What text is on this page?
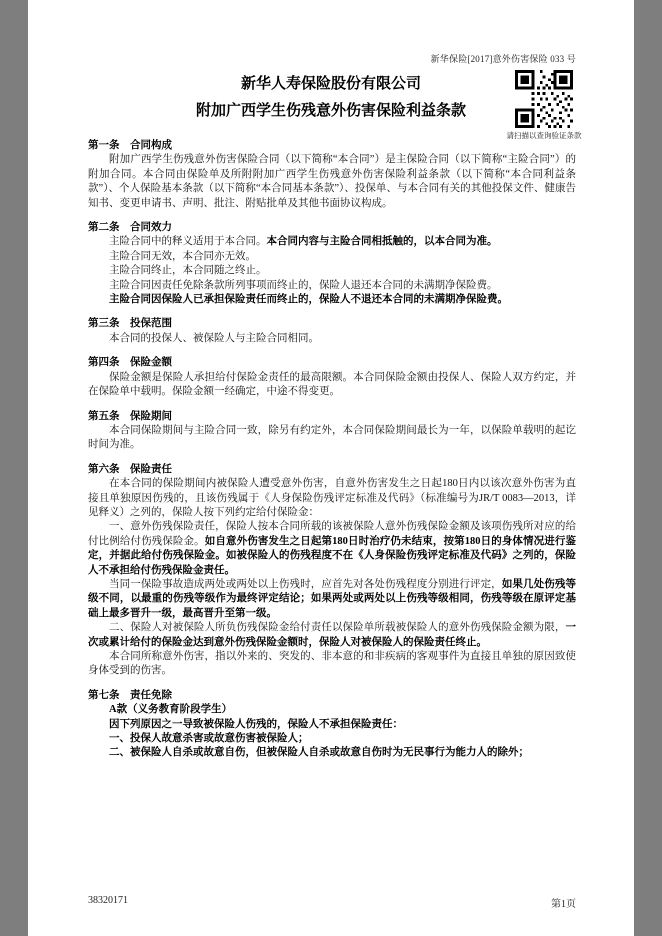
新华保险[2017]意外伤害保险 033 号
请扫描以查询验证条款
新华人寿保险股份有限公司
附加广西学生伤残意外伤害保险利益条款
第一条　合同构成

附加广西学生伤残意外伤害保险合同（以下简称“本合同”）是主保险合同（以下简称“主险合同”）的附加合同。本合同由保险单及所附附加广西学生伤残意外伤害保险利益条款（以下简称“本合同利益条款”）、个人保险基本条款（以下简称“本合同基本条款”）、投保单、与本合同有关的其他投保文件、健康告知书、变更申请书、声明、批注、附贴批单及其他书面协议构成。

第二条　合同效力

主险合同中的释义适用于本合同。本合同内容与主险合同相抵触的，以本合同为准。

主险合同无效，本合同亦无效。

主险合同终止，本合同随之终止。

主险合同因责任免除条款所列事项而终止的，保险人退还本合同的未满期净保险费。

主险合同因保险人已承担保险责任而终止的，保险人不退还本合同的未满期净保险费。

第三条　投保范围

本合同的投保人、被保险人与主险合同相同。

第四条　保险金额

保险金额是保险人承担给付保险金责任的最高限额。本合同保险金额由投保人、保险人双方约定，并在保险单中载明。保险金额一经确定，中途不得变更。

第五条　保险期间

本合同保险期间与主险合同一致，除另有约定外，本合同保险期间最长为一年，以保险单载明的起讫时间为准。

第六条　保险责任

在本合同的保险期间内被保险人遭受意外伤害，自意外伤害发生之日起180日内以该次意外伤害为直接且单独原因伤残的，且该伤残属于《人身保险伤残评定标准及代码》（标准编号为JR/T 0083—2013，详见释义）之列的，保险人按下列约定给付保险金：

一、意外伤残保险责任，保险人按本合同所载的该被保险人意外伤残保险金额及该项伤残所对应的给付比例给付伤残保险金。如自意外伤害发生之日起第180日时治疗仍未结束，按第180日的身体情况进行鉴定，并据此给付伤残保险金。如被保险人的伤残程度不在《人身保险伤残评定标准及代码》之列的，保险人不承担给付伤残保险金责任。

当同一保险事故造成两处或两处以上伤残时，应首先对各处伤残程度分别进行评定，如果几处伤残等级不同，以最重的伤残等级作为最终评定结论；如果两处或两处以上伤残等级相同，伤残等级在原评定基础上最多晋升一级，最高晋升至第一级。

二、保险人对被保险人所负伤残保险金给付责任以保险单所载被保险人的意外伤残保险金额为限，一次或累计给付的保险金达到意外伤残保险金额时，保险人对被保险人的保险责任终止。

本合同所称意外伤害，指以外来的、突发的、非本意的和非疾病的客观事件为直接且单独的原因致使身体受到的伤害。

第七条　责任免除

A款（义务教育阶段学生）

因下列原因之一导致被保险人伤残的，保险人不承担保险责任：

一、投保人故意杀害或故意伤害被保险人；

二、被保险人自杀或故意自伤，但被保险人自杀或故意自伤时为无民事行为能力人的除外；

38320171	第1页
